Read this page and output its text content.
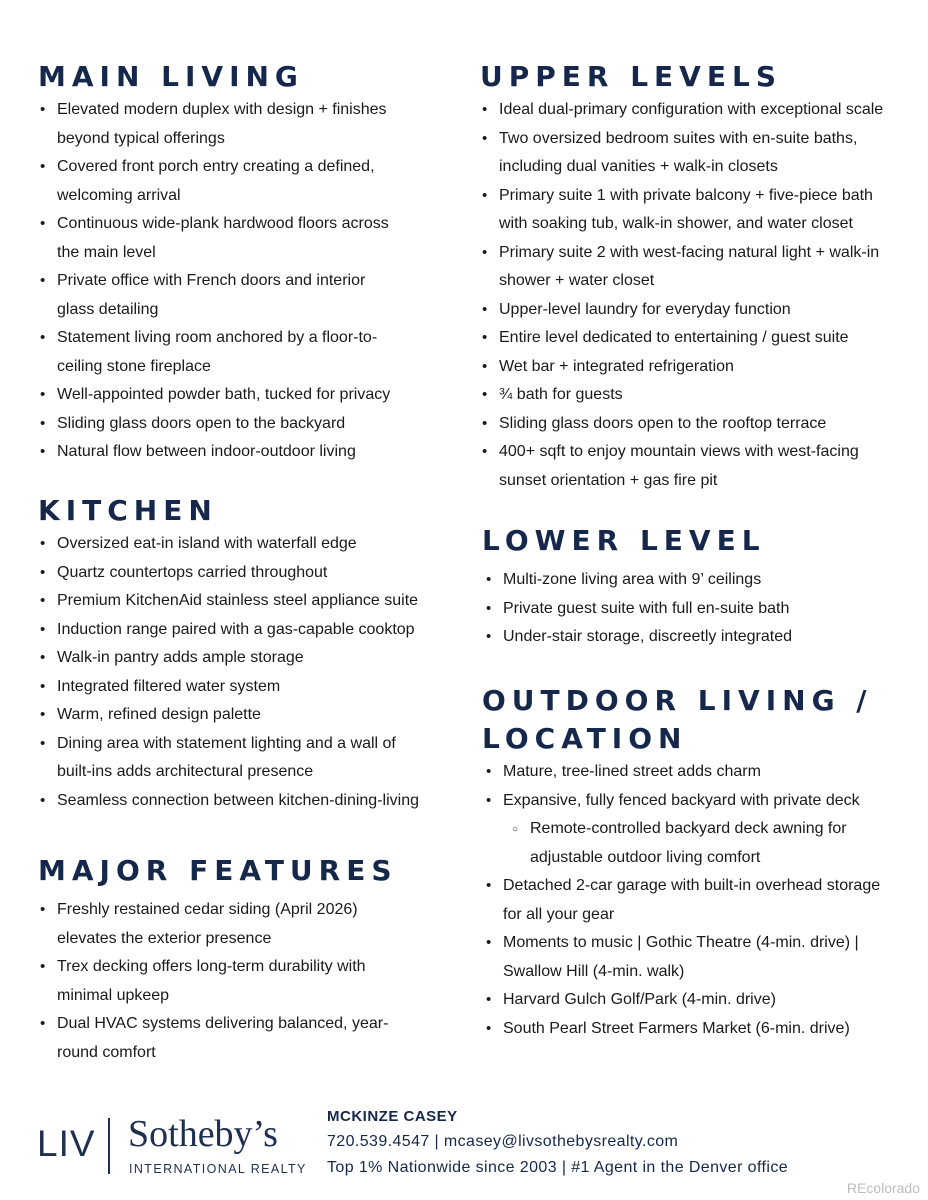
MAIN LIVING
• Elevated modern duplex with design + finishes
beyond typical offerings
• Covered front porch entry creating a defined,
welcoming arrival
• Continuous wide-plank hardwood floors across
the main level
• Private office with French doors and interior
glass detailing
• Statement living room anchored by a floor-to-
ceiling stone fireplace
• Well-appointed powder bath, tucked for privacy
• Sliding glass doors open to the backyard
• Natural flow between indoor-outdoor living
KITCHEN
• Oversized eat-in island with waterfall edge
• Quartz countertops carried throughout
• Premium KitchenAid stainless steel appliance suite
• Induction range paired with a gas-capable cooktop
• Walk-in pantry adds ample storage
• Integrated filtered water system
• Warm, refined design palette
• Dining area with statement lighting and a wall of
built-ins adds architectural presence
• Seamless connection between kitchen-dining-living
MAJOR FEATURES
• Freshly restained cedar siding (April 2026)
elevates the exterior presence
• Trex decking offers long-term durability with
minimal upkeep
• Dual HVAC systems delivering balanced, year-
round comfort
UPPER LEVELS
• Ideal dual-primary configuration with exceptional scale
• Two oversized bedroom suites with en-suite baths,
including dual vanities + walk-in closets
• Primary suite 1 with private balcony + five-piece bath
with soaking tub, walk-in shower, and water closet
• Primary suite 2 with west-facing natural light + walk-in
shower + water closet
• Upper-level laundry for everyday function
• Entire level dedicated to entertaining / guest suite
• Wet bar + integrated refrigeration
• ¾ bath for guests
• Sliding glass doors open to the rooftop terrace
• 400+ sqft to enjoy mountain views with west-facing
sunset orientation + gas fire pit
LOWER LEVEL
• Multi-zone living area with 9’ ceilings
• Private guest suite with full en-suite bath
• Under-stair storage, discreetly integrated
OUTDOOR LIVING /
LOCATION
• Mature, tree-lined street adds charm
• Expansive, fully fenced backyard with private deck
○ Remote-controlled backyard deck awning for
adjustable outdoor living comfort
• Detached 2-car garage with built-in overhead storage
for all your gear
• Moments to music | Gothic Theatre (4-min. drive) |
Swallow Hill (4-min. walk)
• Harvard Gulch Golf/Park (4-min. drive)
• South Pearl Street Farmers Market (6-min. drive)
LIV Sotheby’s
INTERNATIONAL REALTY
MCKINZE CASEY
720.539.4547 | mcasey@livsothebysrealty.com
Top 1% Nationwide since 2003 | #1 Agent in the Denver office
REcolorado
